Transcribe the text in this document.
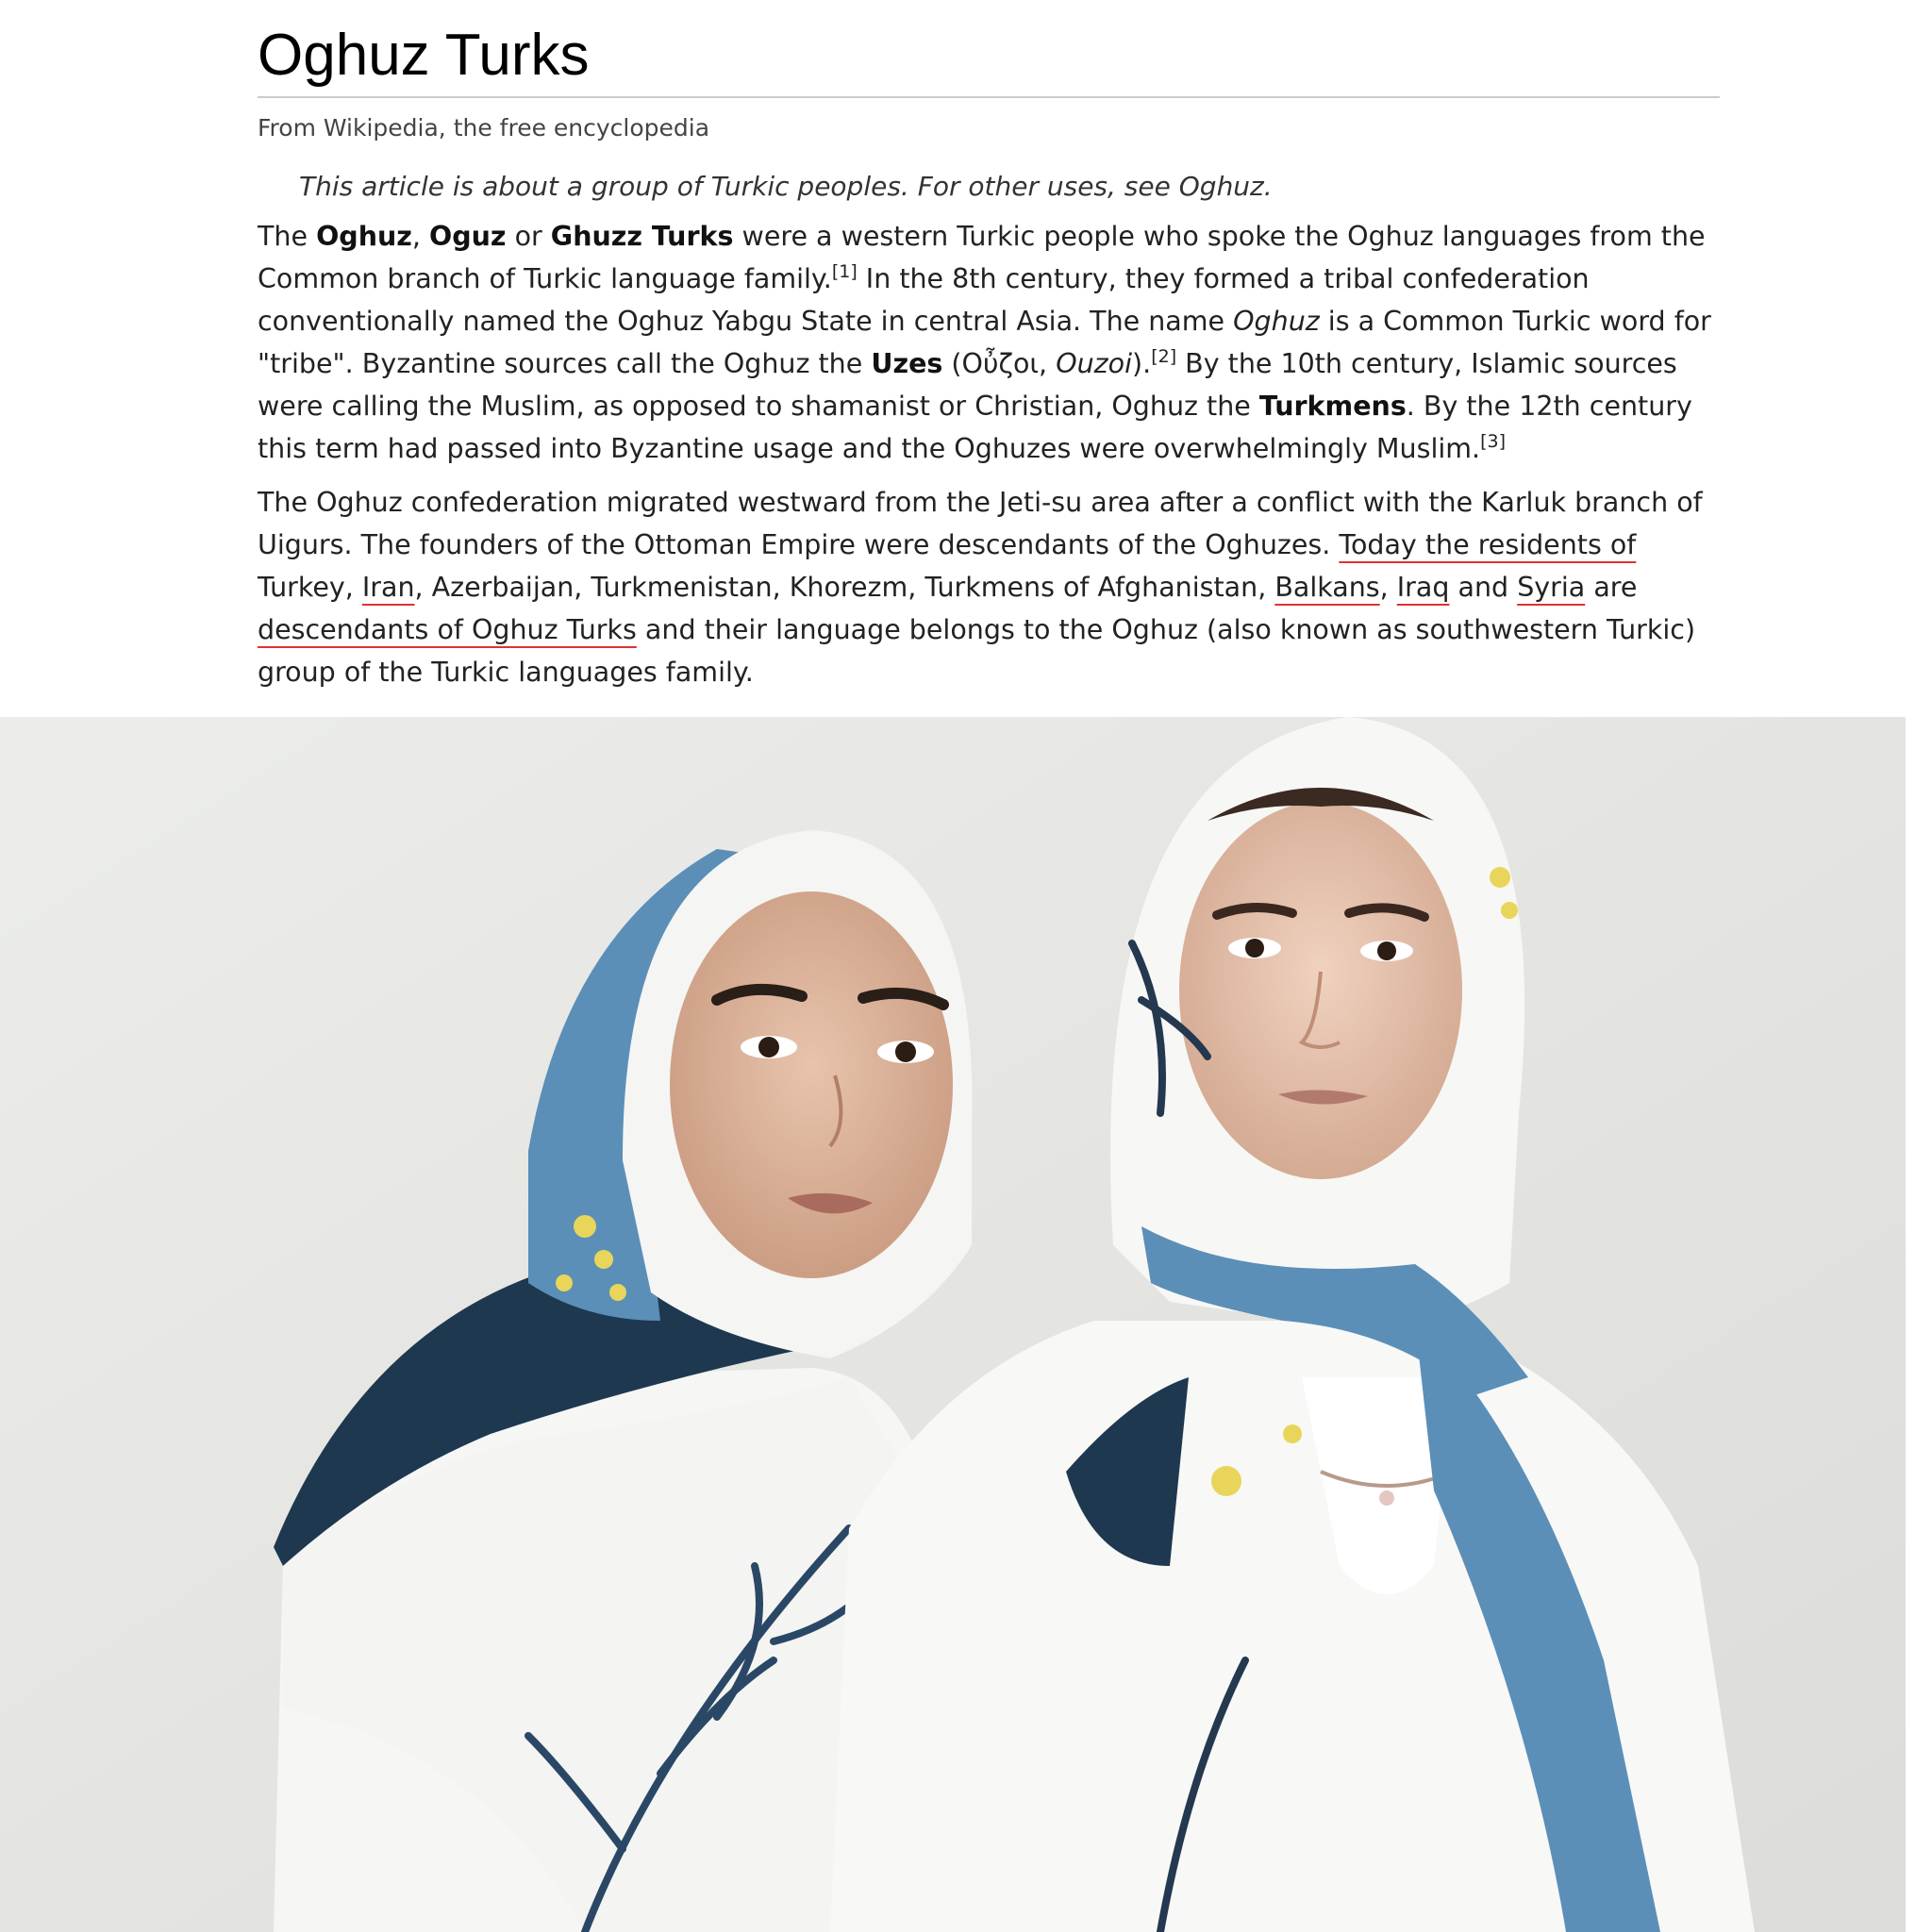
Oghuz Turks
From Wikipedia, the free encyclopedia
This article is about a group of Turkic peoples. For other uses, see Oghuz.
The Oghuz, Oguz or Ghuzz Turks were a western Turkic people who spoke the Oghuz languages from the Common branch of Turkic language family.[1] In the 8th century, they formed a tribal confederation conventionally named the Oghuz Yabgu State in central Asia. The name Oghuz is a Common Turkic word for "tribe". Byzantine sources call the Oghuz the Uzes (Οὖζοι, Ouzoi).[2] By the 10th century, Islamic sources were calling the Muslim, as opposed to shamanist or Christian, Oghuz the Turkmens. By the 12th century this term had passed into Byzantine usage and the Oghuzes were overwhelmingly Muslim.[3]
The Oghuz confederation migrated westward from the Jeti-su area after a conflict with the Karluk branch of Uigurs. The founders of the Ottoman Empire were descendants of the Oghuzes. Today the residents of Turkey, Iran, Azerbaijan, Turkmenistan, Khorezm, Turkmens of Afghanistan, Balkans, Iraq and Syria are descendants of Oghuz Turks and their language belongs to the Oghuz (also known as southwestern Turkic) group of the Turkic languages family.
